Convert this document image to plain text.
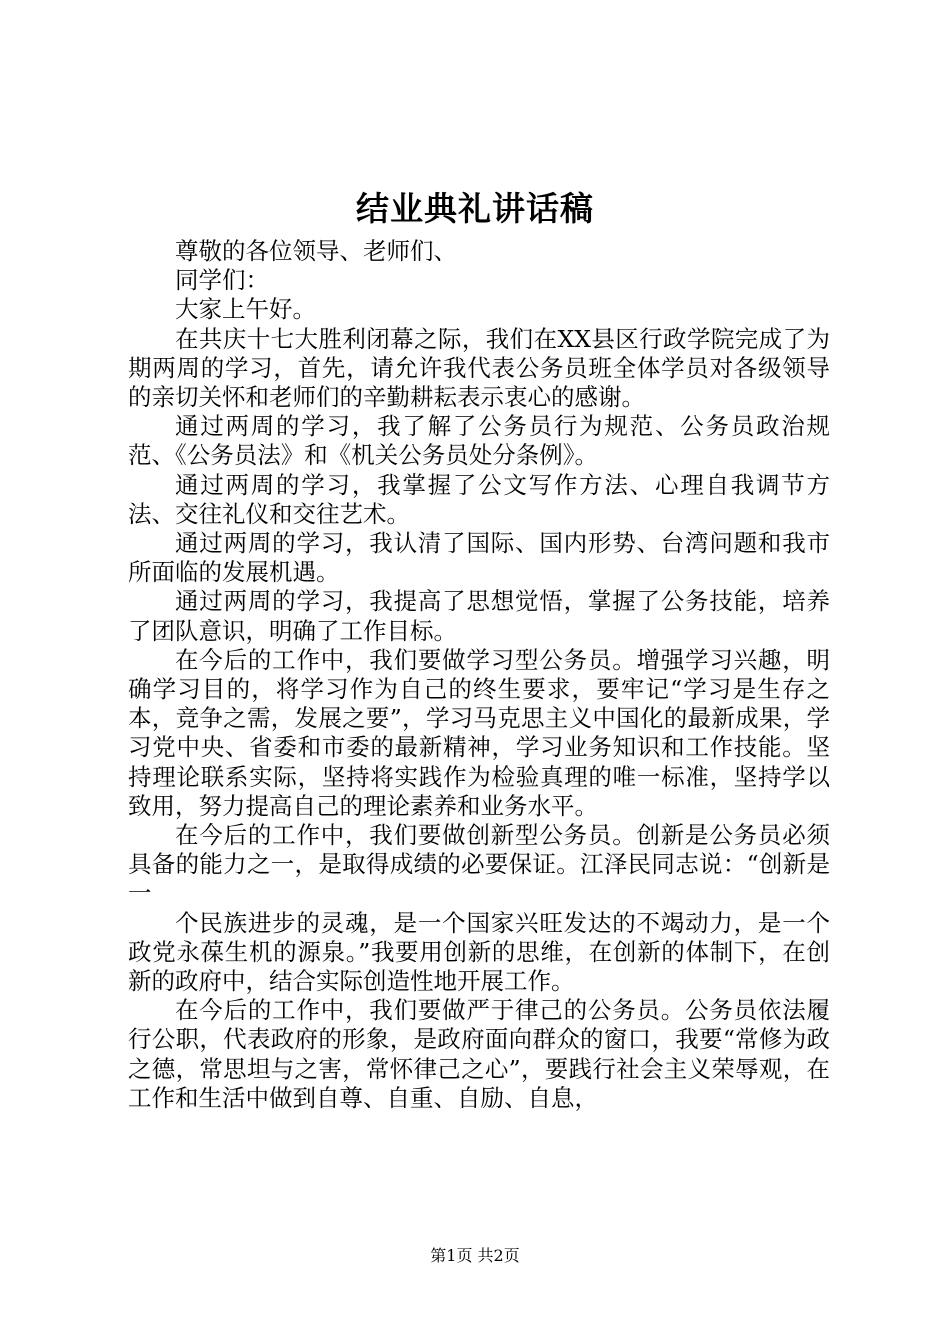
结业典礼讲话稿

尊敬的各位领导、老师们、

同学们：

大家上午好。

在共庆十七大胜利闭幕之际，我们在XX县区行政学院完成了为期两周的学习，首先，请允许我代表公务员班全体学员对各级领导的亲切关怀和老师们的辛勤耕耘表示衷心的感谢。

通过两周的学习，我了解了公务员行为规范、公务员政治规范、《公务员法》和《机关公务员处分条例》。

通过两周的学习，我掌握了公文写作方法、心理自我调节方法、交往礼仪和交往艺术。

通过两周的学习，我认清了国际、国内形势、台湾问题和我市所面临的发展机遇。

通过两周的学习，我提高了思想觉悟，掌握了公务技能，培养了团队意识，明确了工作目标。

在今后的工作中，我们要做学习型公务员。增强学习兴趣，明确学习目的，将学习作为自己的终生要求，要牢记“学习是生存之本，竞争之需，发展之要”，学习马克思主义中国化的最新成果，学习党中央、省委和市委的最新精神，学习业务知识和工作技能。坚持理论联系实际，坚持将实践作为检验真理的唯一标准，坚持学以致用，努力提高自己的理论素养和业务水平。

在今后的工作中，我们要做创新型公务员。创新是公务员必须具备的能力之一，是取得成绩的必要保证。江泽民同志说：“创新是一

个民族进步的灵魂，是一个国家兴旺发达的不竭动力，是一个政党永葆生机的源泉。”我要用创新的思维，在创新的体制下，在创新的政府中，结合实际创造性地开展工作。

在今后的工作中，我们要做严于律己的公务员。公务员依法履行公职，代表政府的形象，是政府面向群众的窗口，我要“常修为政之德，常思坦与之害，常怀律己之心”，要践行社会主义荣辱观，在工作和生活中做到自尊、自重、自励、自息，

第1页 共2页
